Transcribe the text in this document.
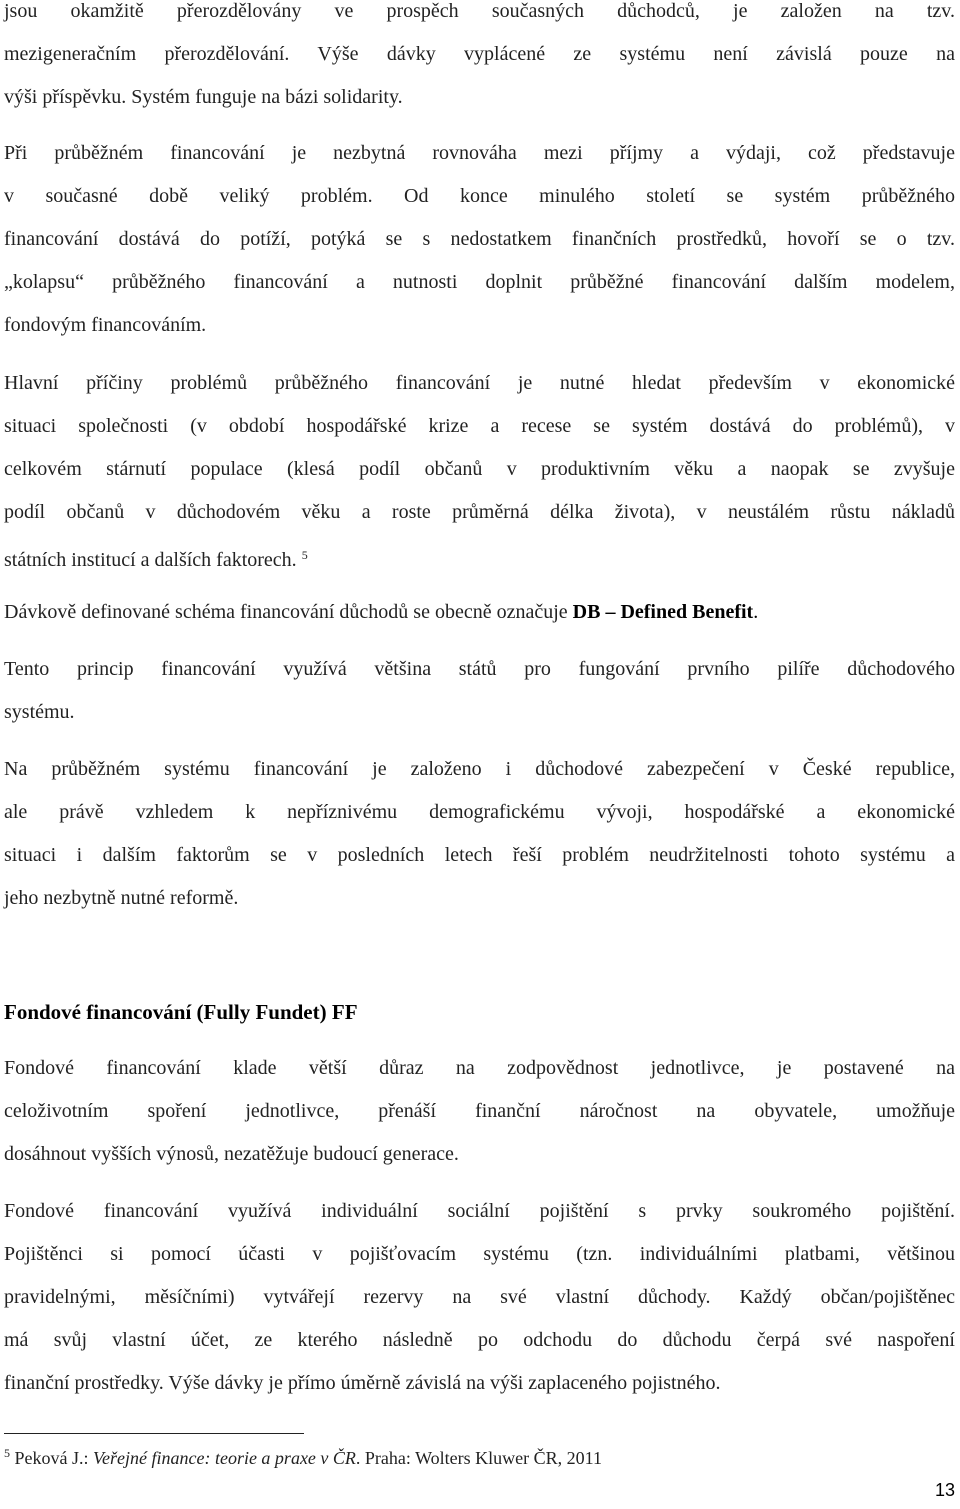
jsou okamžitě přerozdělovány ve prospěch současných důchodců, je založen na tzv.
mezigeneračním přerozdělování. Výše dávky vyplácené ze systému není závislá pouze na
výši příspěvku. Systém funguje na bázi solidarity.
Při průběžném financování je nezbytná rovnováha mezi příjmy a výdaji, což představuje
v současné době veliký problém. Od konce minulého století se systém průběžného
financování dostává do potíží, potýká se s nedostatkem finančních prostředků, hovoří se o tzv.
„kolapsu“ průběžného financování a nutnosti doplnit průběžné financování dalším modelem,
fondovým financováním.
Hlavní příčiny problémů průběžného financování je nutné hledat především v ekonomické
situaci společnosti (v období hospodářské krize a recese se systém dostává do problémů), v
celkovém stárnutí populace (klesá podíl občanů v produktivním věku a naopak se zvyšuje
podíl občanů v důchodovém věku a roste průměrná délka života), v neustálém růstu nákladů
státních institucí a dalších faktorech. $^5$
Dávkově definované schéma financování důchodů se obecně označuje DB – Defined Benefit.
Tento princip financování využívá většina států pro fungování prvního pilíře důchodového
systému.
Na průběžném systému financování je založeno i důchodové zabezpečení v České republice,
ale právě vzhledem k nepříznivému demografickému vývoji, hospodářské a ekonomické
situaci i dalším faktorům se v posledních letech řeší problém neudržitelnosti tohoto systému a
jeho nezbytně nutné reformě.
Fondové financování (Fully Fundet) FF
Fondové financování klade větší důraz na zodpovědnost jednotlivce, je postavené na
celoživotním spoření jednotlivce, přenáší finanční náročnost na obyvatele, umožňuje
dosáhnout vyšších výnosů, nezatěžuje budoucí generace.
Fondové financování využívá individuální sociální pojištění s prvky soukromého pojištění.
Pojištěnci si pomocí účasti v pojišťovacím systému (tzn. individuálními platbami, většinou
pravidelnými, měsíčními) vytvářejí rezervy na své vlastní důchody. Každý občan/pojištěnec
má svůj vlastní účet, ze kterého následně po odchodu do důchodu čerpá své naspoření
finanční prostředky. Výše dávky je přímo úměrně závislá na výši zaplaceného pojistného.

$^5$ Peková J.: Veřejné finance: teorie a praxe v ČR. Praha: Wolters Kluwer ČR, 2011

13
